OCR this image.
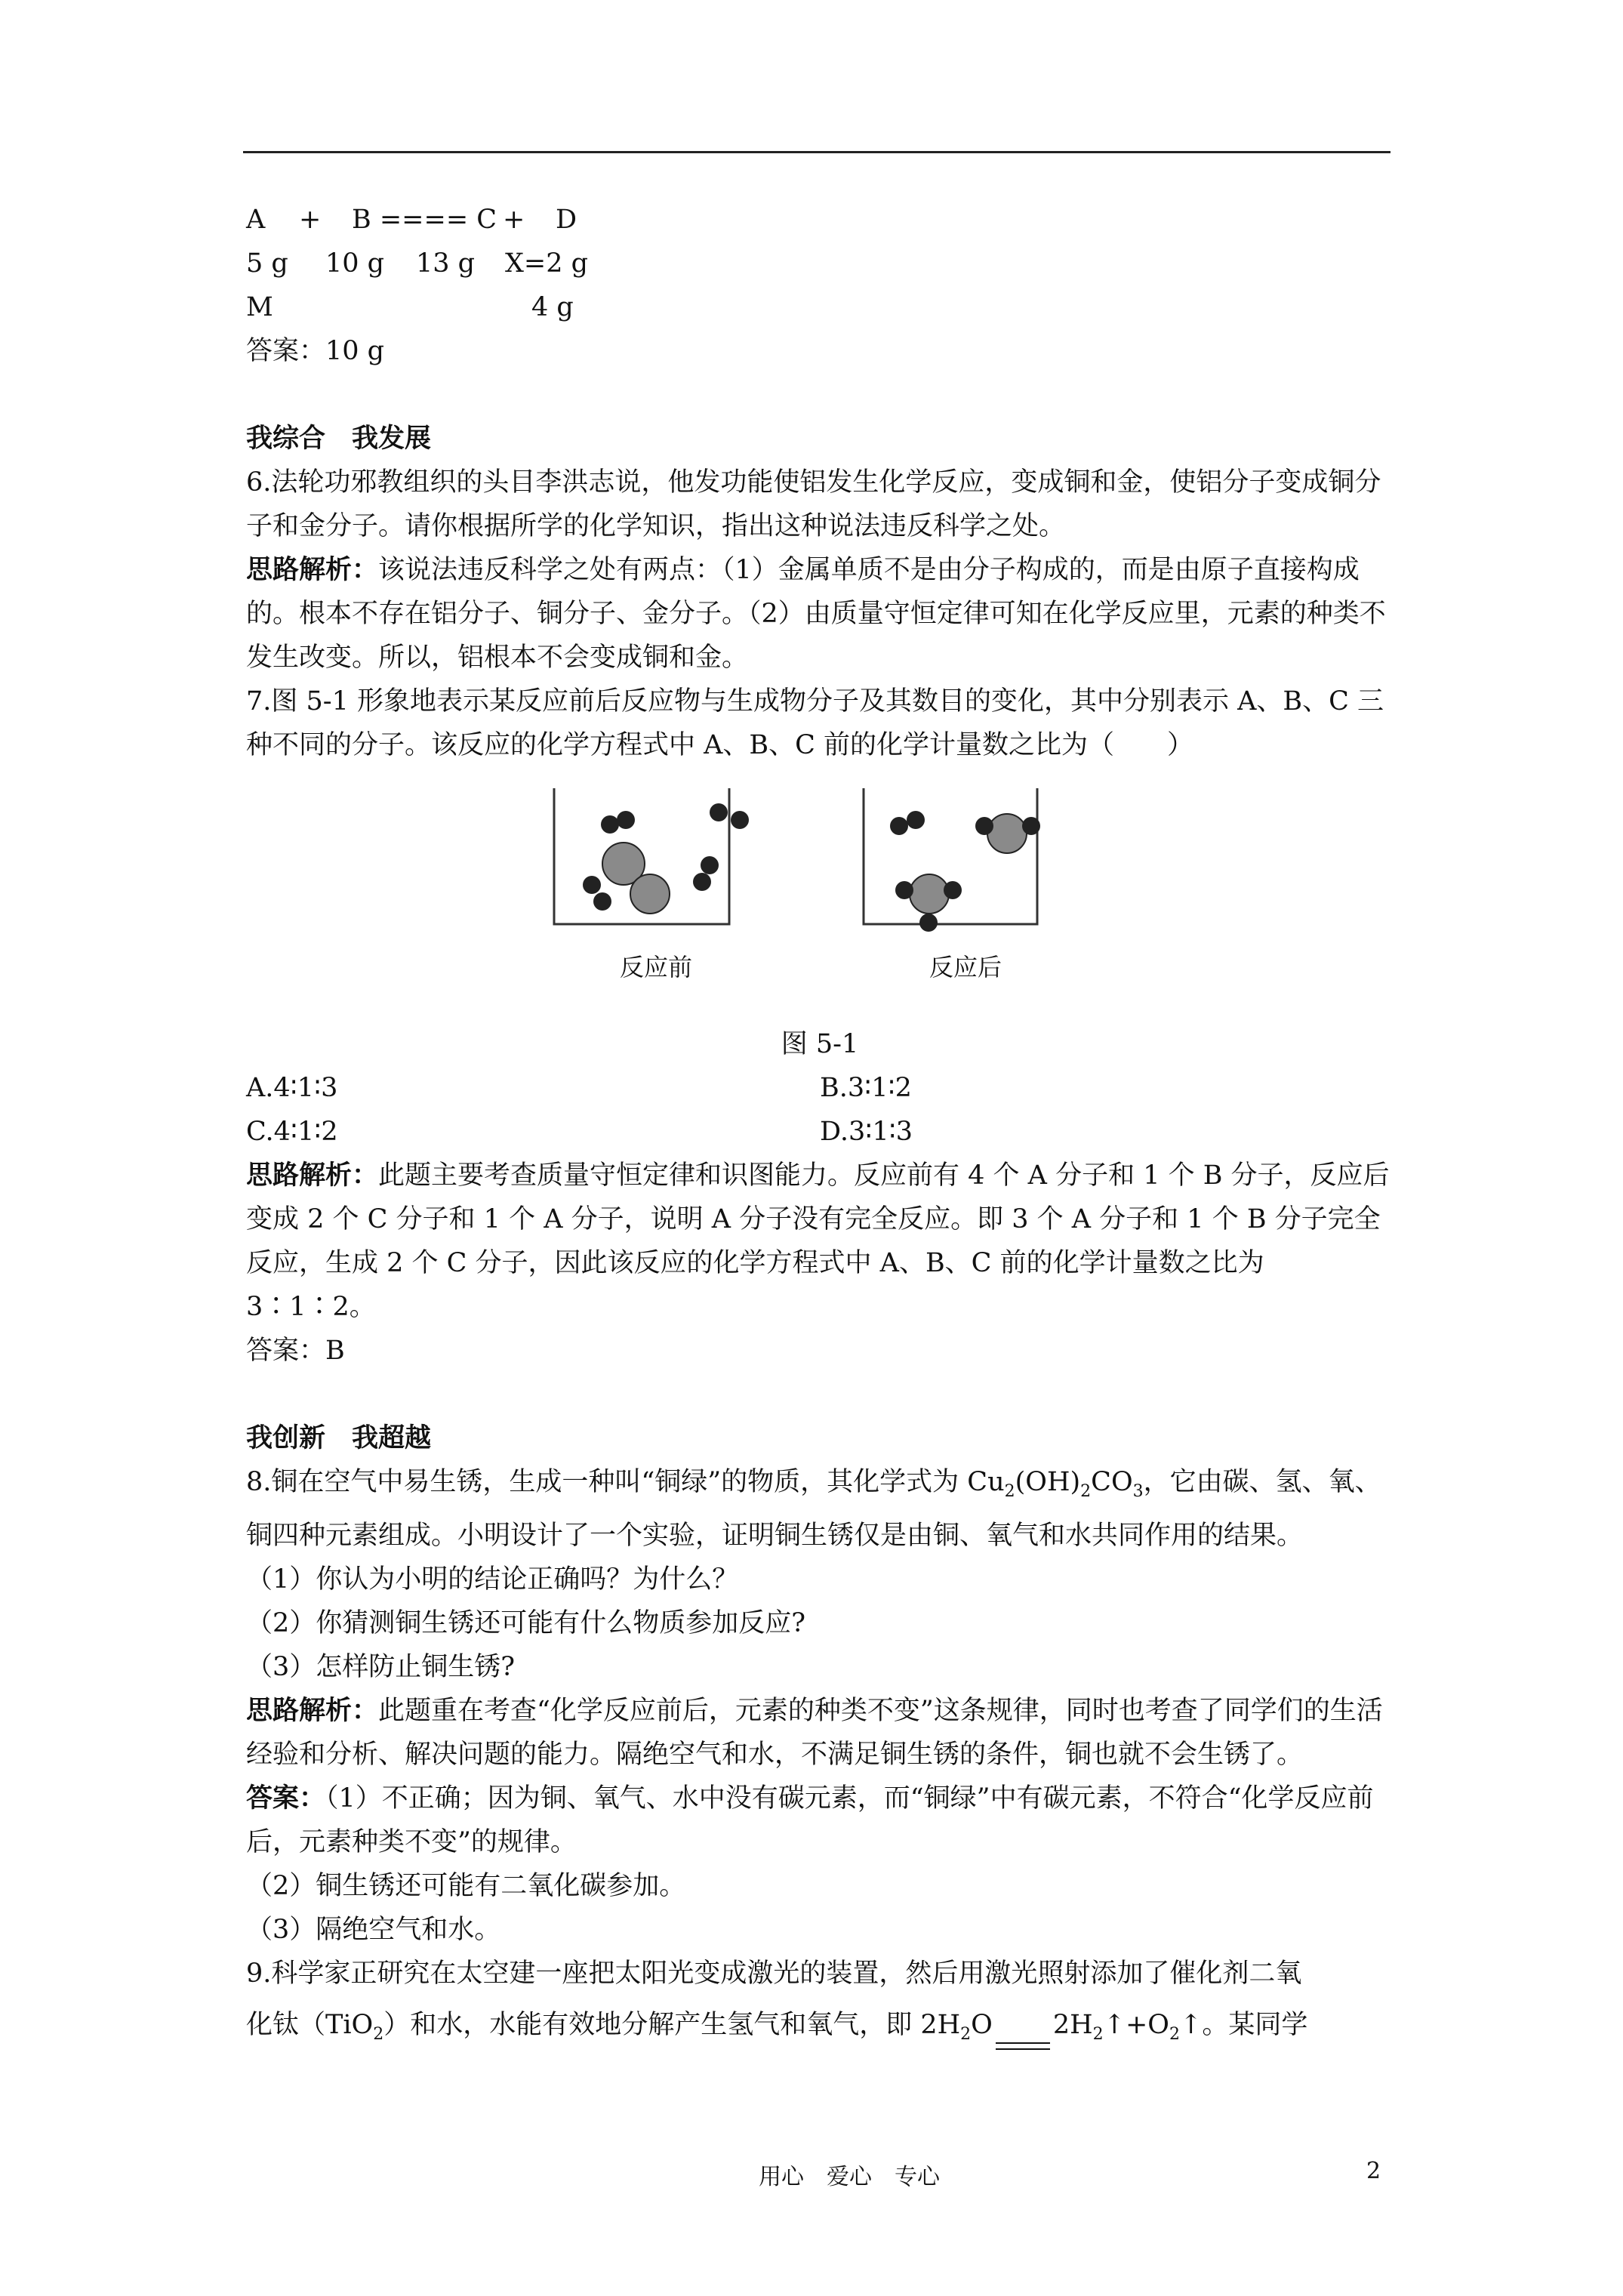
A	+	B ==== C +	D
5 g	10 g	13 g	X=2 g
M	4 g

答案：10 g

我综合　我发展

6.法轮功邪教组织的头目李洪志说，他发功能使铝发生化学反应，变成铜和金，使铝分子变成铜分子和金分子。请你根据所学的化学知识，指出这种说法违反科学之处。

思路解析：该说法违反科学之处有两点：（1）金属单质不是由分子构成的，而是由原子直接构成的。根本不存在铝分子、铜分子、金分子。（2）由质量守恒定律可知在化学反应里，元素的种类不发生改变。所以，铝根本不会变成铜和金。

7.图 5-1 形象地表示某反应前后反应物与生成物分子及其数目的变化，其中分别表示 A、B、C 三种不同的分子。该反应的化学方程式中 A、B、C 前的化学计量数之比为（　　）

反应前	反应后

图 5-1

A.4∶1∶3	B.3∶1∶2
C.4∶1∶2	D.3∶1∶3

思路解析：此题主要考查质量守恒定律和识图能力。反应前有 4 个 A 分子和 1 个 B 分子，反应后变成 2 个 C 分子和 1 个 A 分子，说明 A 分子没有完全反应。即 3 个 A 分子和 1 个 B 分子完全反应，生成 2 个 C 分子，因此该反应的化学方程式中 A、B、C 前的化学计量数之比为 3∶1∶2。

答案：B

我创新　我超越

8.铜在空气中易生锈，生成一种叫“铜绿”的物质，其化学式为 $Cu_2(OH)_2CO_3$，它由碳、氢、氧、铜四种元素组成。小明设计了一个实验，证明铜生锈仅是由铜、氧气和水共同作用的结果。

（1）你认为小明的结论正确吗？为什么？

（2）你猜测铜生锈还可能有什么物质参加反应?

（3）怎样防止铜生锈?

思路解析：此题重在考查“化学反应前后，元素的种类不变”这条规律，同时也考查了同学们的生活经验和分析、解决问题的能力。隔绝空气和水，不满足铜生锈的条件，铜也就不会生锈了。

答案：（1）不正确；因为铜、氧气、水中没有碳元素，而“铜绿”中有碳元素，不符合“化学反应前后，元素种类不变”的规律。

（2）铜生锈还可能有二氧化碳参加。

（3）隔绝空气和水。

9.科学家正研究在太空建一座把太阳光变成激光的装置，然后用激光照射添加了催化剂二氧

化钛（TiO$_2$）和水，水能有效地分解产生氢气和氧气，即 $2H_2O$ $2H_2↑+O_2↑$。某同学

用心　爱心　专心	2
